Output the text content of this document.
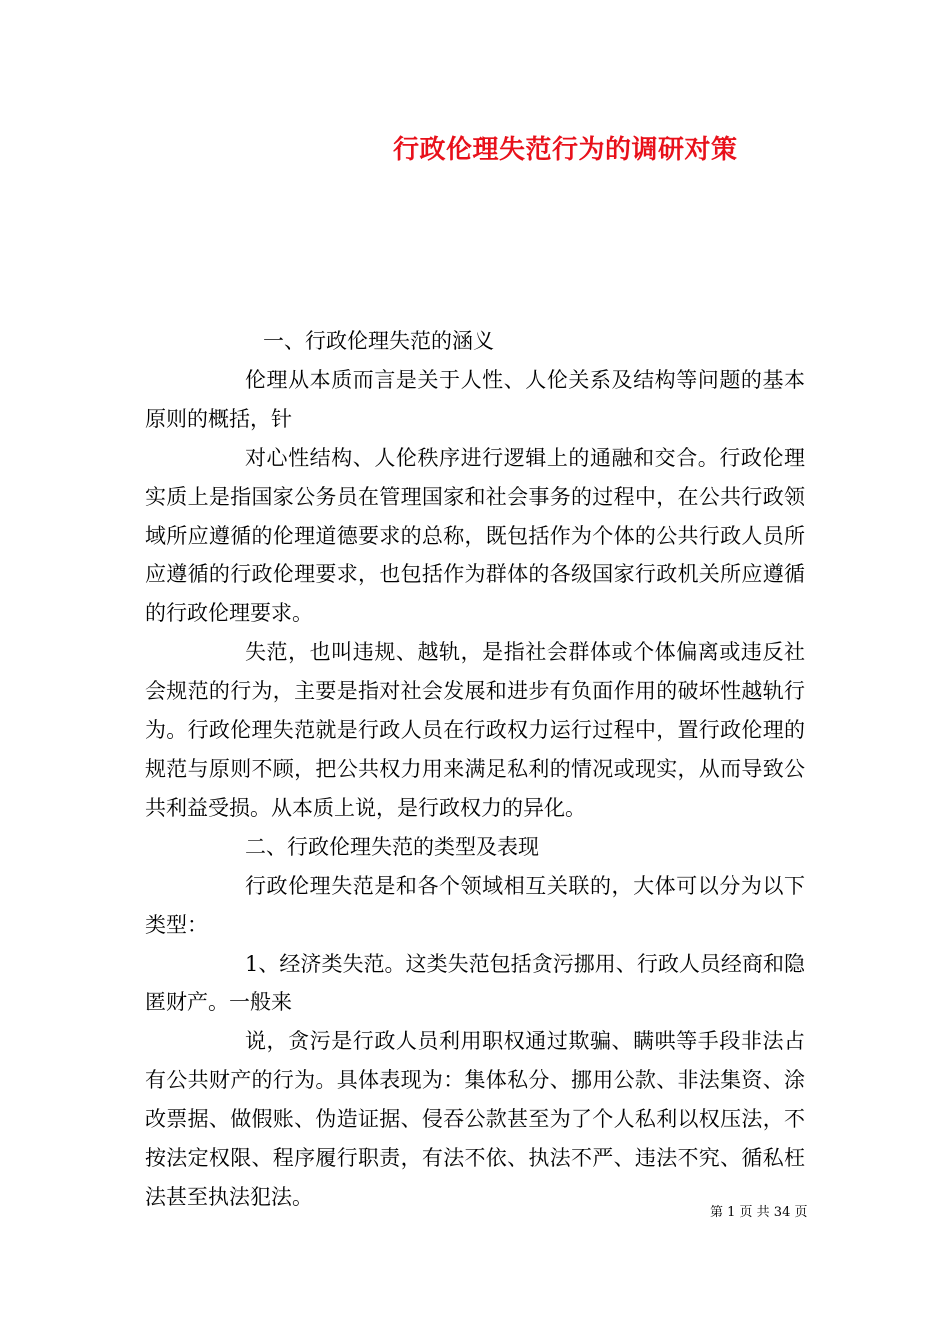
行政伦理失范行为的调研对策

一、行政伦理失范的涵义

伦理从本质而言是关于人性、人伦关系及结构等问题的基本原则的概括，针

对心性结构、人伦秩序进行逻辑上的通融和交合。行政伦理实质上是指国家公务员在管理国家和社会事务的过程中，在公共行政领域所应遵循的伦理道德要求的总称，既包括作为个体的公共行政人员所应遵循的行政伦理要求，也包括作为群体的各级国家行政机关所应遵循的行政伦理要求。

失范，也叫违规、越轨，是指社会群体或个体偏离或违反社会规范的行为，主要是指对社会发展和进步有负面作用的破坏性越轨行为。行政伦理失范就是行政人员在行政权力运行过程中，置行政伦理的规范与原则不顾，把公共权力用来满足私利的情况或现实，从而导致公共利益受损。从本质上说，是行政权力的异化。

二、行政伦理失范的类型及表现

行政伦理失范是和各个领域相互关联的，大体可以分为以下类型：

1、经济类失范。这类失范包括贪污挪用、行政人员经商和隐匿财产。一般来

说，贪污是行政人员利用职权通过欺骗、瞒哄等手段非法占有公共财产的行为。具体表现为：集体私分、挪用公款、非法集资、涂改票据、做假账、伪造证据、侵吞公款甚至为了个人私利以权压法，不按法定权限、程序履行职责，有法不依、执法不严、违法不究、循私枉法甚至执法犯法。

第 1 页 共 34 页
